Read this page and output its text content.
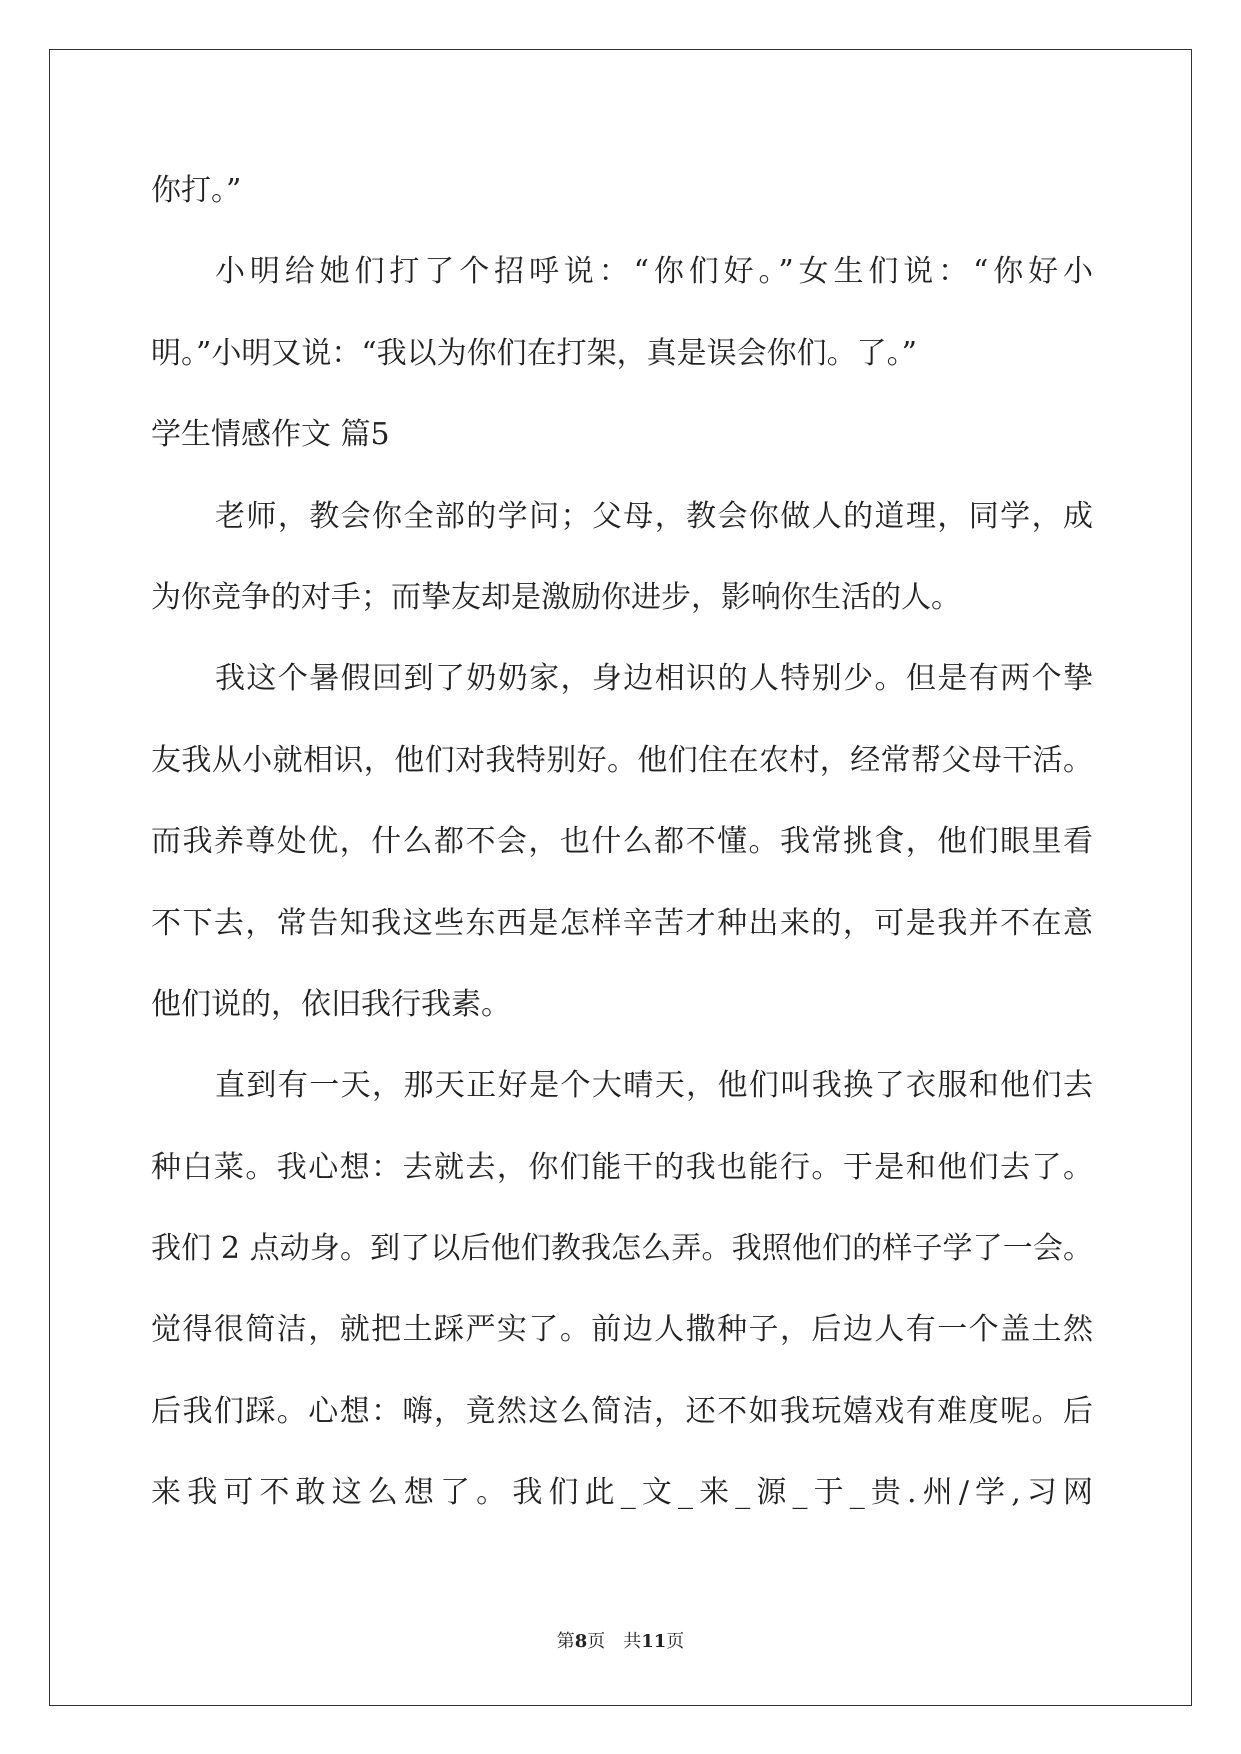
你打。”
小明给她们打了个招呼说：“你们好。”女生们说：“你好小
明。”小明又说：“我以为你们在打架，真是误会你们。了。”
学生情感作文 篇5
老师，教会你全部的学问；父母，教会你做人的道理，同学，成
为你竞争的对手；而挚友却是激励你进步，影响你生活的人。
我这个暑假回到了奶奶家，身边相识的人特别少。但是有两个挚
友我从小就相识，他们对我特别好。他们住在农村，经常帮父母干活。
而我养尊处优，什么都不会，也什么都不懂。我常挑食，他们眼里看
不下去，常告知我这些东西是怎样辛苦才种出来的，可是我并不在意
他们说的，依旧我行我素。
直到有一天，那天正好是个大晴天，他们叫我换了衣服和他们去
种白菜。我心想：去就去，你们能干的我也能行。于是和他们去了。
我们 2 点动身。到了以后他们教我怎么弄。我照他们的样子学了一会。
觉得很简洁，就把土踩严实了。前边人撒种子，后边人有一个盖土然
后我们踩。心想：嗨，竟然这么简洁，还不如我玩嬉戏有难度呢。后
来我可不敢这么想了。我们此_文_来_源_于_贵.州/学,习网
第8页 共11页
